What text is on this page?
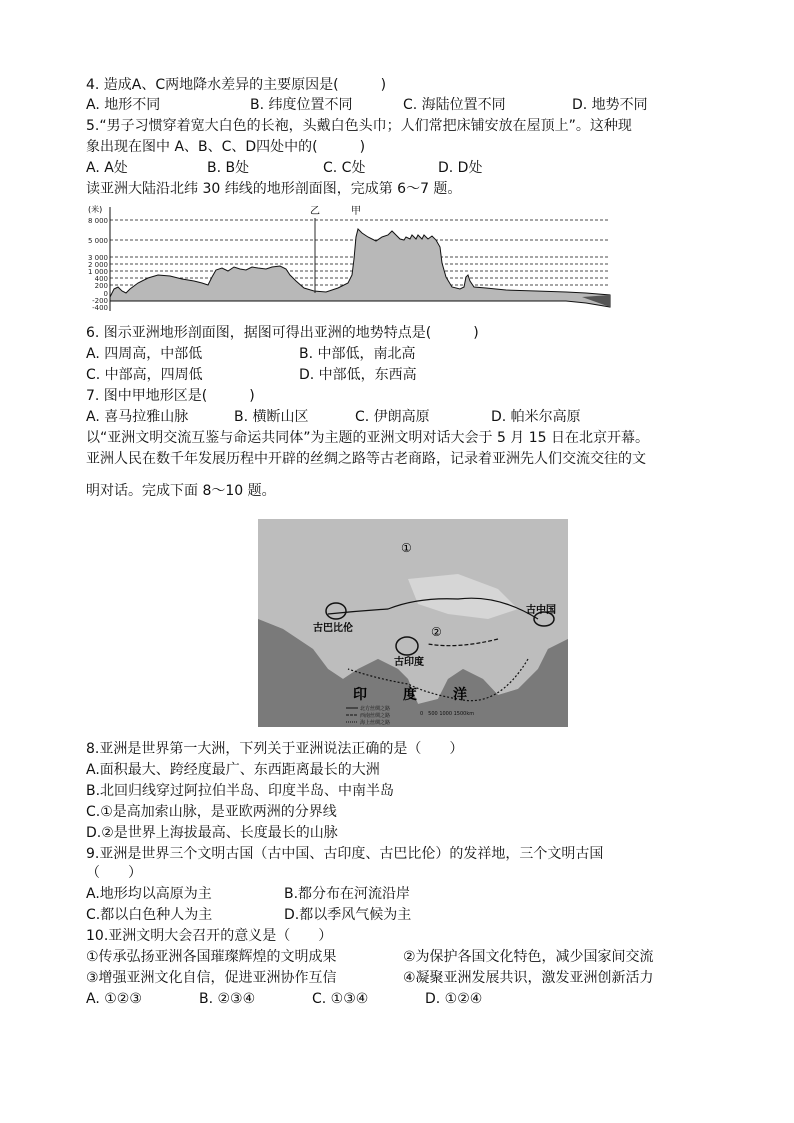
4. 造成A、C两地降水差异的主要原因是(　　　)
A. 地形不同	B. 纬度位置不同	C. 海陆位置不同	D. 地势不同
5.“男子习惯穿着宽大白色的长袍，头戴白色头巾；人们常把床铺安放在屋顶上”。这种现
象出现在图中 A、B、C、D四处中的(　　　)
A. A处	B. B处	C. C处	D. D处
读亚洲大陆沿北纬 30 纬线的地形剖面图，完成第 6～7 题。
(米)
8 000
5 000
3 000
2 000
1 000
400
200
0
-200
-400
乙	甲
6. 图示亚洲地形剖面图，据图可得出亚洲的地势特点是(　　　)
A. 四周高，中部低	B. 中部低，南北高
C. 中部高，四周低	D. 中部低，东西高
7. 图中甲地形区是(　　　)
A. 喜马拉雅山脉	B. 横断山区	C. 伊朗高原	D. 帕米尔高原
以“亚洲文明交流互鉴与命运共同体”为主题的亚洲文明对话大会于 5 月 15 日在北京开幕。
亚洲人民在数千年发展历程中开辟的丝绸之路等古老商路，记录着亚洲先人们交流交往的文
明对话。完成下面 8～10 题。
①
②
古中国
古巴比伦
古印度
印	度	洋
北方丝绸之路
西南丝绸之路
海上丝绸之路
0　500 1000 1500km
8.亚洲是世界第一大洲，下列关于亚洲说法正确的是（　　）
A.面积最大、跨经度最广、东西距离最长的大洲
B.北回归线穿过阿拉伯半岛、印度半岛、中南半岛
C.①是高加索山脉，是亚欧两洲的分界线
D.②是世界上海拔最高、长度最长的山脉
9.亚洲是世界三个文明古国（古中国、古印度、古巴比伦）的发祥地，三个文明古国
（　　）
A.地形均以高原为主	B.都分布在河流沿岸
C.都以白色种人为主	D.都以季风气候为主
10.亚洲文明大会召开的意义是（　　）
①传承弘扬亚洲各国璀璨辉煌的文明成果	②为保护各国文化特色，减少国家间交流
③增强亚洲文化自信，促进亚洲协作互信	④凝聚亚洲发展共识，激发亚洲创新活力
A. ①②③	B. ②③④	C. ①③④	D. ①②④
